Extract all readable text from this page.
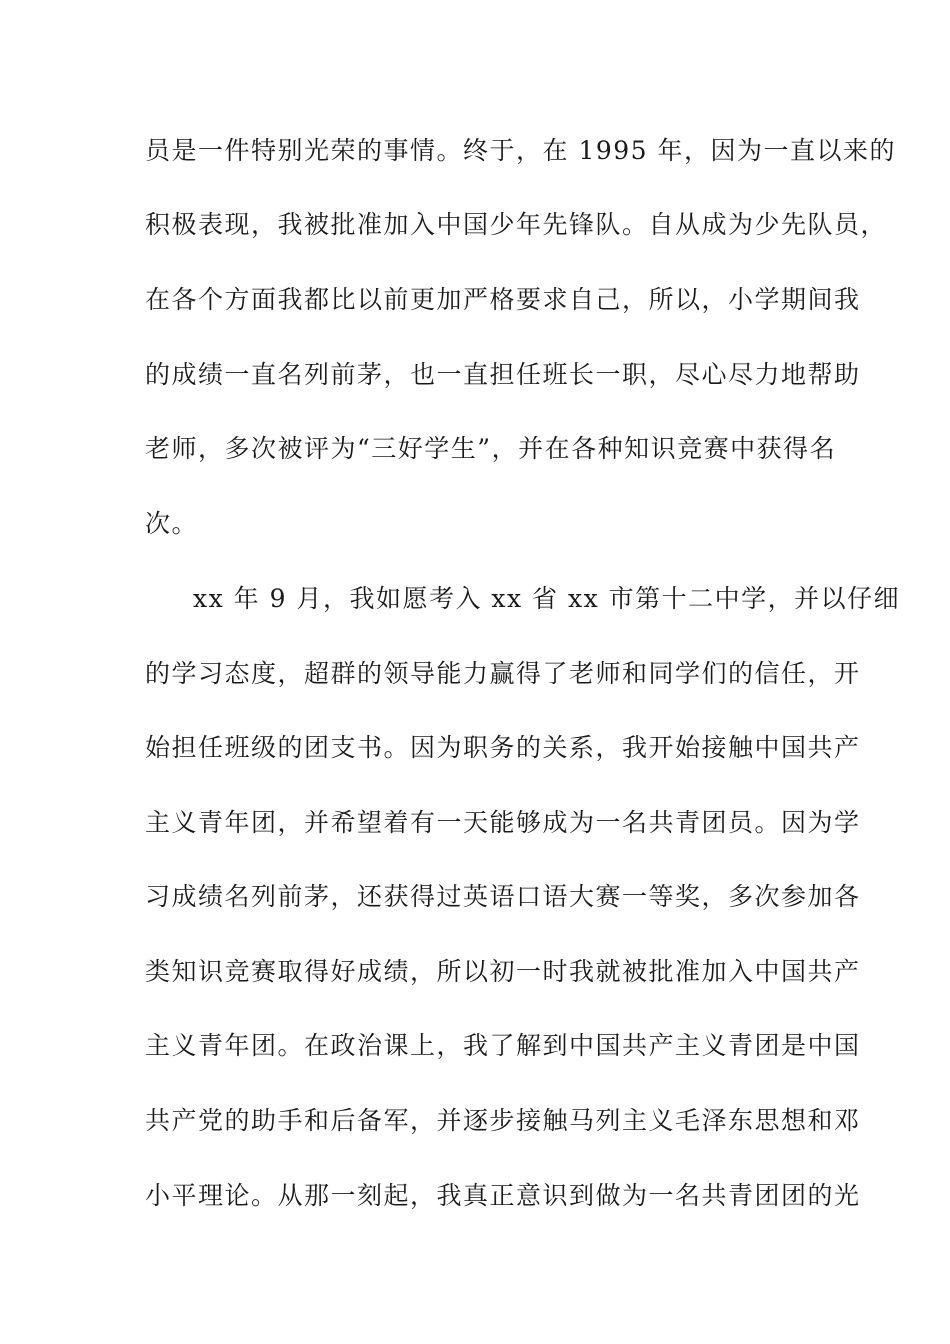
员是一件特别光荣的事情。终于，在 1995 年，因为一直以来的
积极表现，我被批准加入中国少年先锋队。自从成为少先队员，
在各个方面我都比以前更加严格要求自己，所以，小学期间我
的成绩一直名列前茅，也一直担任班长一职，尽心尽力地帮助
老师，多次被评为“三好学生”，并在各种知识竞赛中获得名
次。
xx 年 9 月，我如愿考入 xx 省 xx 市第十二中学，并以仔细
的学习态度，超群的领导能力赢得了老师和同学们的信任，开
始担任班级的团支书。因为职务的关系，我开始接触中国共产
主义青年团，并希望着有一天能够成为一名共青团员。因为学
习成绩名列前茅，还获得过英语口语大赛一等奖，多次参加各
类知识竞赛取得好成绩，所以初一时我就被批准加入中国共产
主义青年团。在政治课上，我了解到中国共产主义青团是中国
共产党的助手和后备军，并逐步接触马列主义毛泽东思想和邓
小平理论。从那一刻起，我真正意识到做为一名共青团团的光
